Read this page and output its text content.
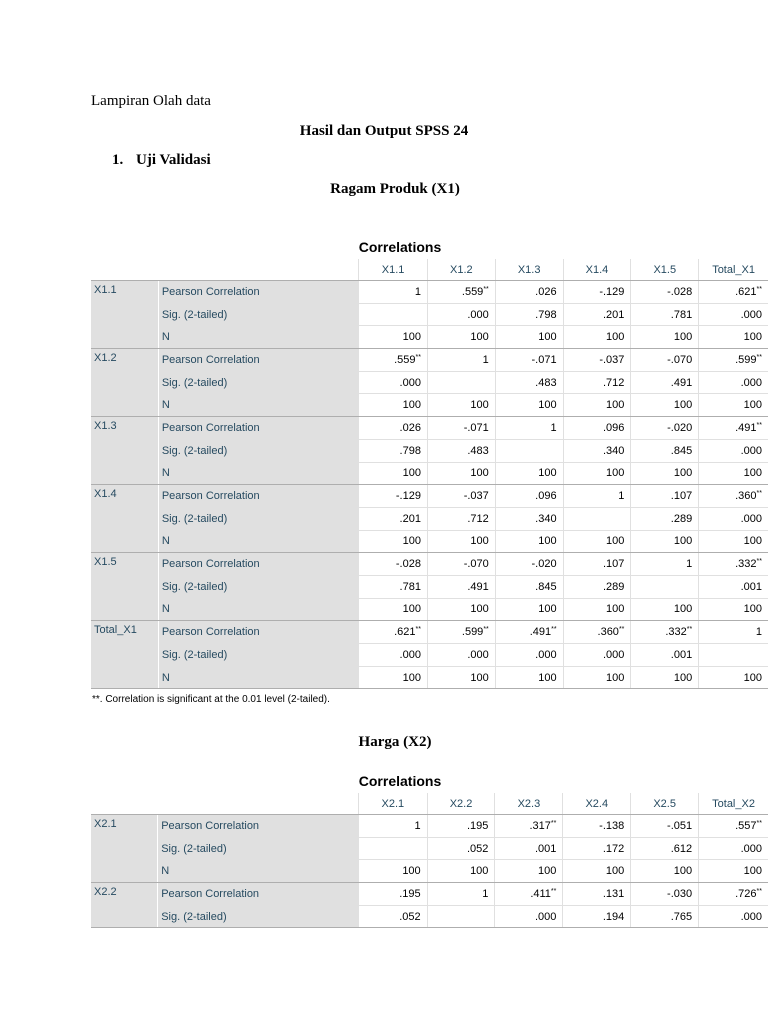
Lampiran Olah data
Hasil dan Output SPSS 24
1. Uji Validasi
Ragam Produk (X1)
Correlations
		X1.1	X1.2	X1.3	X1.4	X1.5	Total_X1
X1.1	Pearson Correlation	1	.559**	.026	-.129	-.028	.621**
	Sig. (2-tailed)		.000	.798	.201	.781	.000
	N	100	100	100	100	100	100
X1.2	Pearson Correlation	.559**	1	-.071	-.037	-.070	.599**
	Sig. (2-tailed)	.000		.483	.712	.491	.000
	N	100	100	100	100	100	100
X1.3	Pearson Correlation	.026	-.071	1	.096	-.020	.491**
	Sig. (2-tailed)	.798	.483		.340	.845	.000
	N	100	100	100	100	100	100
X1.4	Pearson Correlation	-.129	-.037	.096	1	.107	.360**
	Sig. (2-tailed)	.201	.712	.340		.289	.000
	N	100	100	100	100	100	100
X1.5	Pearson Correlation	-.028	-.070	-.020	.107	1	.332**
	Sig. (2-tailed)	.781	.491	.845	.289		.001
	N	100	100	100	100	100	100
Total_X1	Pearson Correlation	.621**	.599**	.491**	.360**	.332**	1
	Sig. (2-tailed)	.000	.000	.000	.000	.001	
	N	100	100	100	100	100	100
**. Correlation is significant at the 0.01 level (2-tailed).
Harga (X2)
Correlations
		X2.1	X2.2	X2.3	X2.4	X2.5	Total_X2
X2.1	Pearson Correlation	1	.195	.317**	-.138	-.051	.557**
	Sig. (2-tailed)		.052	.001	.172	.612	.000
	N	100	100	100	100	100	100
X2.2	Pearson Correlation	.195	1	.411**	.131	-.030	.726**
	Sig. (2-tailed)	.052		.000	.194	.765	.000
